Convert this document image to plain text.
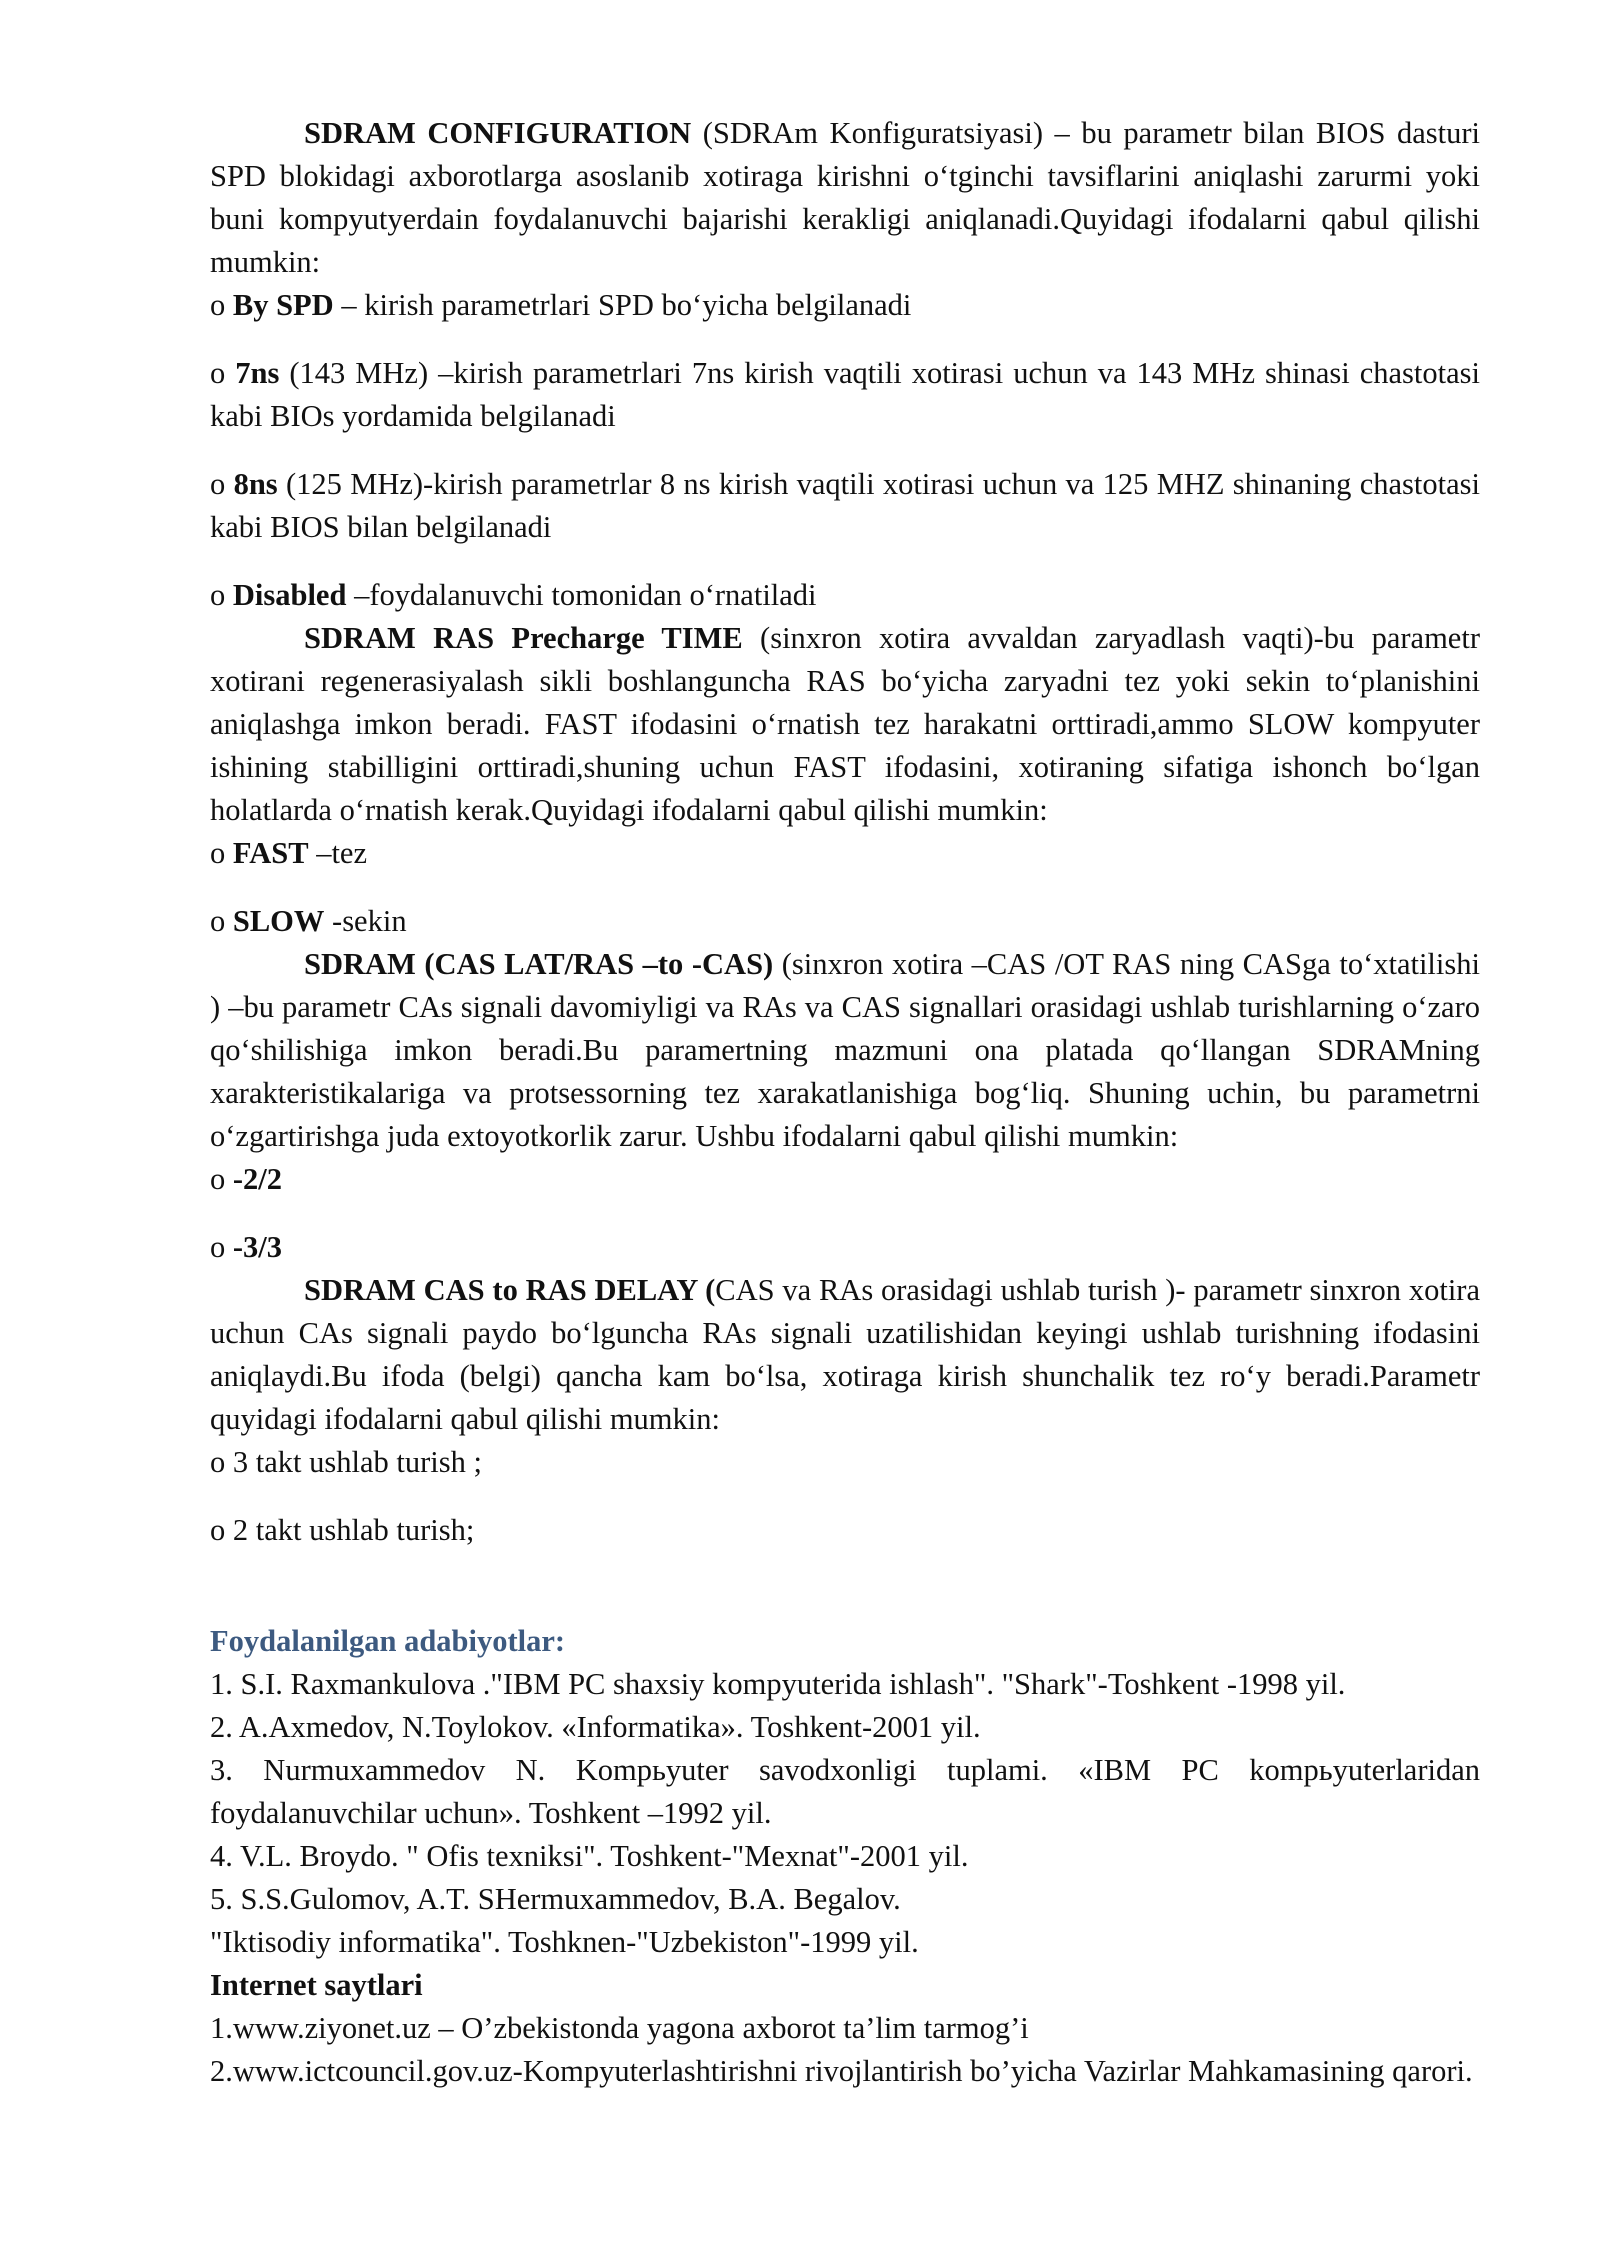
SDRAM CONFIGURATION (SDRAm Konfiguratsiyasi) – bu parametr bilan BIOS dasturi SPD blokidagi axborotlarga asoslanib xotiraga kirishni o‘tginchi tavsiflarini aniqlashi zarurmi yoki buni kompyutyerdain foydalanuvchi bajarishi kerakligi aniqlanadi.Quyidagi ifodalarni qabul qilishi mumkin:

o By SPD – kirish parametrlari SPD bo‘yicha belgilanadi

o 7ns (143 MHz) –kirish parametrlari 7ns kirish vaqtili xotirasi uchun va 143 MHz shinasi chastotasi kabi BIOs yordamida belgilanadi

o 8ns (125 MHz)-kirish parametrlar 8 ns kirish vaqtili xotirasi uchun va 125 MHZ shinaning chastotasi kabi BIOS bilan belgilanadi

o Disabled –foydalanuvchi tomonidan o‘rnatiladi

SDRAM RAS Precharge TIME (sinxron xotira avvaldan zaryadlash vaqti)-bu parametr xotirani regenerasiyalash sikli boshlanguncha RAS bo‘yicha zaryadni tez yoki sekin to‘planishini aniqlashga imkon beradi. FAST ifodasini o‘rnatish tez harakatni orttiradi,ammo SLOW kompyuter ishining stabilligini orttiradi,shuning uchun FAST ifodasini, xotiraning sifatiga ishonch bo‘lgan holatlarda o‘rnatish kerak.Quyidagi ifodalarni qabul qilishi mumkin:

o FAST –tez

o SLOW -sekin

SDRAM (CAS LAT/RAS –to -CAS) (sinxron xotira –CAS /OT RAS ning CASga to‘xtatilishi ) –bu parametr CAs signali davomiyligi va RAs va CAS signallari orasidagi ushlab turishlarning o‘zaro qo‘shilishiga imkon beradi.Bu paramertning mazmuni ona platada qo‘llangan SDRAMning xarakteristikalariga va protsessorning tez xarakatlanishiga bog‘liq. Shuning uchin, bu parametrni o‘zgartirishga juda extoyotkorlik zarur. Ushbu ifodalarni qabul qilishi mumkin:

o -2/2

o -3/3

SDRAM CAS to RAS DELAY (CAS va RAs orasidagi ushlab turish )- parametr sinxron xotira uchun CAs signali paydo bo‘lguncha RAs signali uzatilishidan keyingi ushlab turishning ifodasini aniqlaydi.Bu ifoda (belgi) qancha kam bo‘lsa, xotiraga kirish shunchalik tez ro‘y beradi.Parametr quyidagi ifodalarni qabul qilishi mumkin:

o 3 takt ushlab turish ;

o 2 takt ushlab turish;

Foydalanilgan adabiyotlar:

1. S.I. Raxmankulova ."IBM PC shaxsiy kompyuterida ishlash". "Shark"-Toshkent -1998 yil.

2. A.Axmedov, N.Toylokov. «Informatika». Toshkent-2001 yil.

3. Nurmuxammedov N. Kompьyuter savodxonligi tuplami. «IBM PC kompьyuterlaridan foydalanuvchilar uchun». Toshkent –1992 yil.

4. V.L. Broydo. " Ofis texniksi". Toshkent-"Mexnat"-2001 yil.

5. S.S.Gulomov, A.T. SHermuxammedov, B.A. Begalov.

"Iktisodiy informatika". Toshknen-"Uzbekiston"-1999 yil.

Internet saytlari

1.www.ziyonet.uz – O’zbekistonda yagona axborot ta’lim tarmog’i

2.www.ictcouncil.gov.uz-Kompyuterlashtirishni rivojlantirish bo’yicha Vazirlar Mahkamasining qarori.
